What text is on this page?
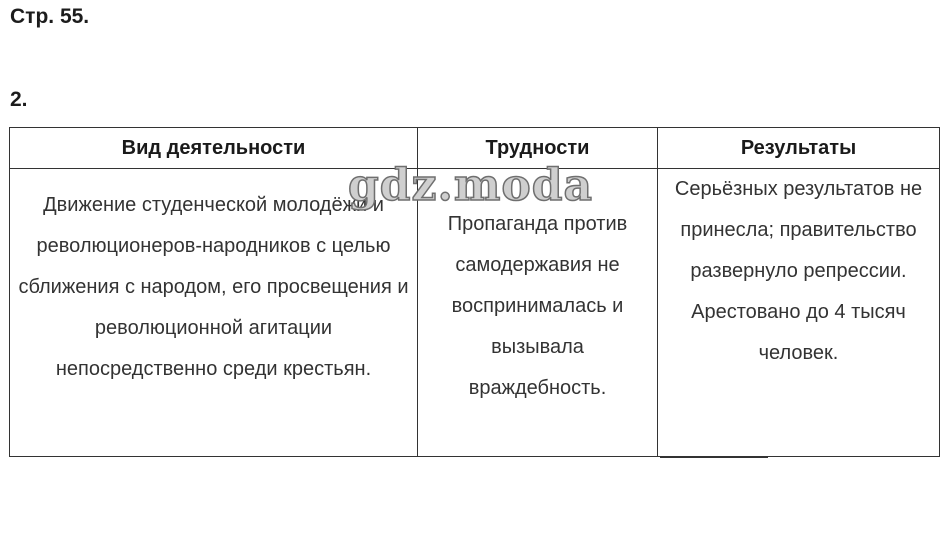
Стр. 55.
2.
Вид деятельности	Трудности	Результаты

Движение студенческой молодёжи и революционеров-народников с целью сближения с народом, его просвещения и революционной агитации непосредственно среди крестьян.	Пропаганда против самодержавия не воспринималась и вызывала враждебность.	Серьёзных результатов не принесла; правительство развернуло репрессии. Арестовано до 4 тысяч человек.
gdz.moda
